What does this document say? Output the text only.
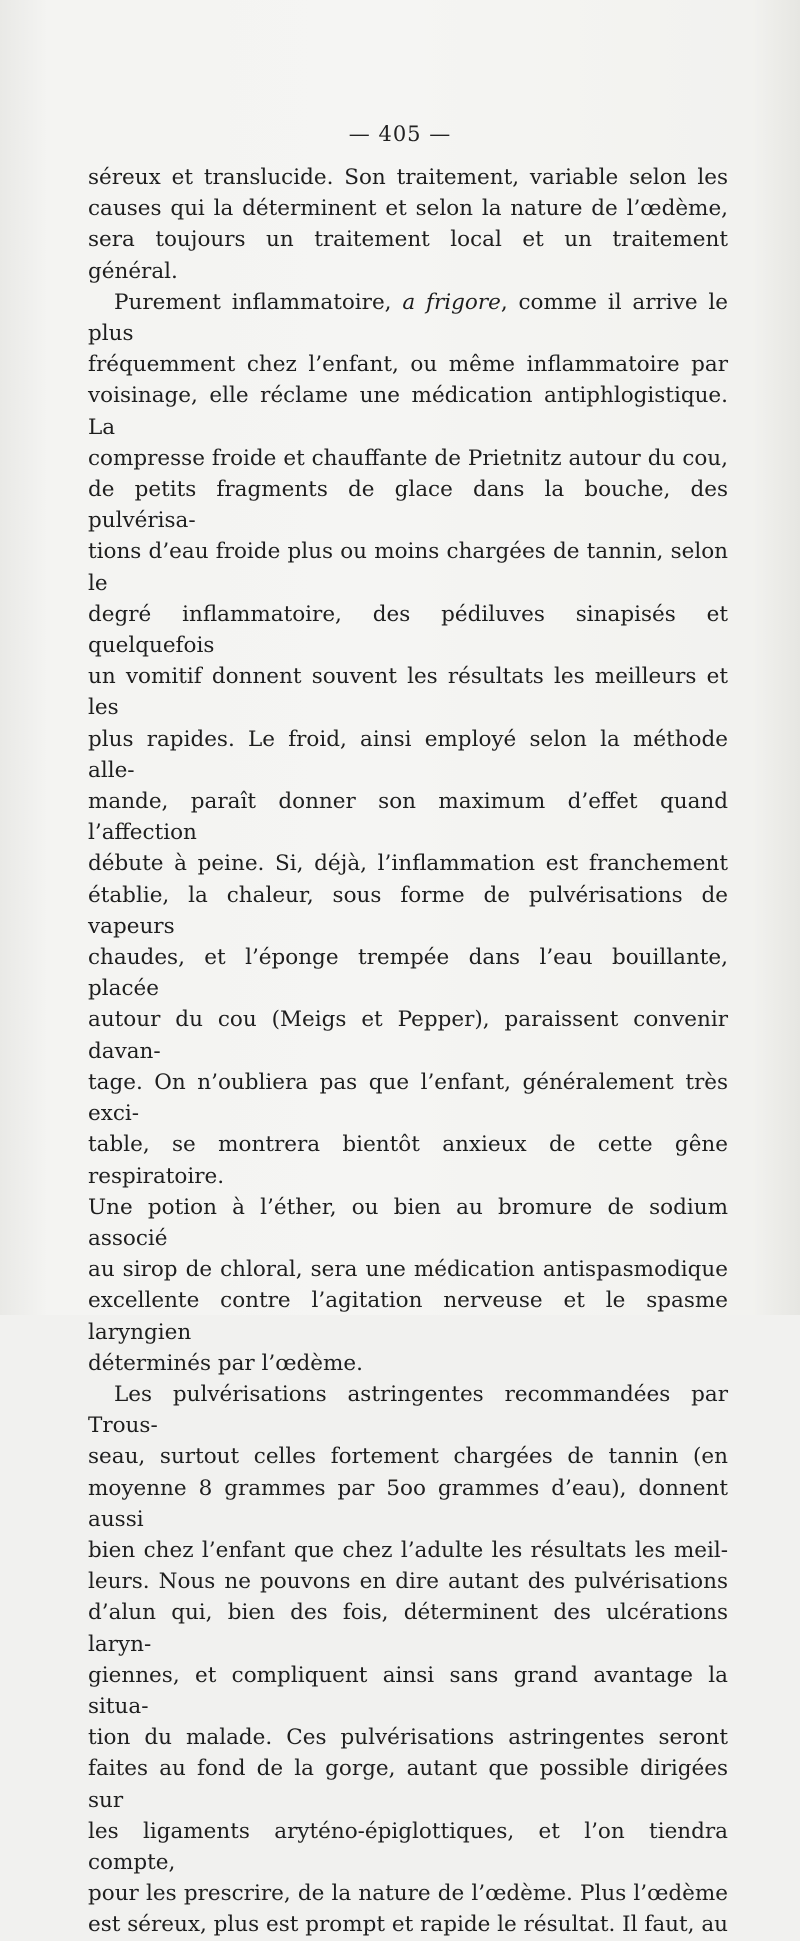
— 405 —

séreux et translucide. Son traitement, variable selon les

causes qui la déterminent et selon la nature de l’œdème,

sera toujours un traitement local et un traitement général.

Purement inflammatoire, a frigore, comme il arrive le plus

fréquemment chez l’enfant, ou même inflammatoire par

voisinage, elle réclame une médication antiphlogistique. La

compresse froide et chauffante de Prietnitz autour du cou,

de petits fragments de glace dans la bouche, des pulvérisa-

tions d’eau froide plus ou moins chargées de tannin, selon le

degré inflammatoire, des pédiluves sinapisés et quelquefois

un vomitif donnent souvent les résultats les meilleurs et les

plus rapides. Le froid, ainsi employé selon la méthode alle-

mande, paraît donner son maximum d’effet quand l’affection

débute à peine. Si, déjà, l’inflammation est franchement

établie, la chaleur, sous forme de pulvérisations de vapeurs

chaudes, et l’éponge trempée dans l’eau bouillante, placée

autour du cou (Meigs et Pepper), paraissent convenir davan-

tage. On n’oubliera pas que l’enfant, généralement très exci-

table, se montrera bientôt anxieux de cette gêne respiratoire.

Une potion à l’éther, ou bien au bromure de sodium associé

au sirop de chloral, sera une médication antispasmodique

excellente contre l’agitation nerveuse et le spasme laryngien

déterminés par l’œdème.

Les pulvérisations astringentes recommandées par Trous-

seau, surtout celles fortement chargées de tannin (en

moyenne 8 grammes par 5oo grammes d’eau), donnent aussi

bien chez l’enfant que chez l’adulte les résultats les meil-

leurs. Nous ne pouvons en dire autant des pulvérisations

d’alun qui, bien des fois, déterminent des ulcérations laryn-

giennes, et compliquent ainsi sans grand avantage la situa-

tion du malade. Ces pulvérisations astringentes seront

faites au fond de la gorge, autant que possible dirigées sur

les ligaments aryténo-épiglottiques, et l’on tiendra compte,

pour les prescrire, de la nature de l’œdème. Plus l’œdème

est séreux, plus est prompt et rapide le résultat. Il faut, au
